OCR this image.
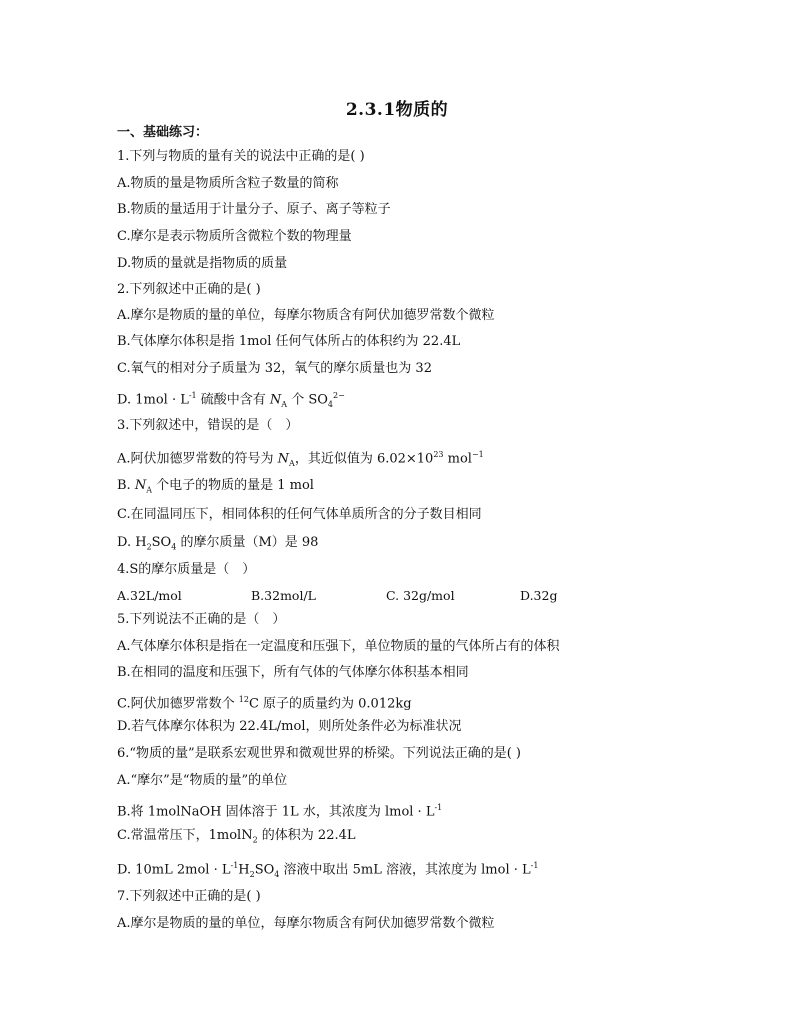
2.3.1物质的
一、基础练习：
1.下列与物质的量有关的说法中正确的是( )
A.物质的量是物质所含粒子数量的简称
B.物质的量适用于计量分子、原子、离子等粒子
C.摩尔是表示物质所含微粒个数的物理量
D.物质的量就是指物质的质量
2.下列叙述中正确的是( )
A.摩尔是物质的量的单位，每摩尔物质含有阿伏加德罗常数个微粒
B.气体摩尔体积是指 1mol 任何气体所占的体积约为 22.4L
C.氧气的相对分子质量为 32，氧气的摩尔质量也为 32
D. $1mol \cdot L^{-1}$ 硫酸中含有 $N_A$ 个 $SO_4^{2-}$
3.下列叙述中，错误的是（　）
A.阿伏加德罗常数的符号为 $N_A$，其近似值为 $6.02\times 10^{23}$ mol$^{-1}$
B. $N_A$ 个电子的物质的量是 1 mol
C.在同温同压下，相同体积的任何气体单质所含的分子数目相同
D. $H_2SO_4$ 的摩尔质量（M）是 98
4.S的摩尔质量是（　）
A.32L/mol	B.32mol/L	C. 32g/mol	D.32g
5.下列说法不正确的是（　）
A.气体摩尔体积是指在一定温度和压强下，单位物质的量的气体所占有的体积
B.在相同的温度和压强下，所有气体的气体摩尔体积基本相同
C.阿伏加德罗常数个 $^{12}$C 原子的质量约为 0.012kg
D.若气体摩尔体积为 22.4L/mol，则所处条件必为标准状况
6.“物质的量”是联系宏观世界和微观世界的桥梁。下列说法正确的是( )
A.“摩尔”是“物质的量”的单位
B.将 1molNaOH 固体溶于 1L 水，其浓度为 lmol · $L^{-1}$
C.常温常压下，1molN$_2$ 的体积为 22.4L
D. 10mL $2mol \cdot L^{-1}H_2SO_4$ 溶液中取出 5mL 溶液，其浓度为 lmol · $L^{-1}$
7.下列叙述中正确的是( )
A.摩尔是物质的量的单位，每摩尔物质含有阿伏加德罗常数个微粒
